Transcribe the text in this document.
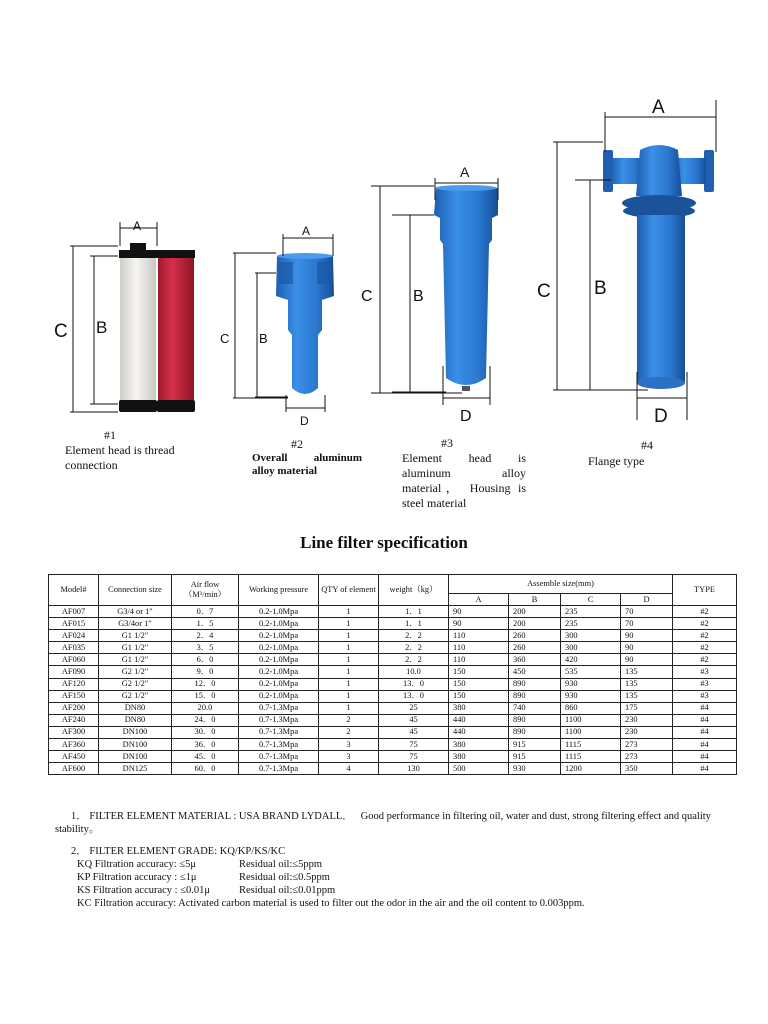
A
C B
A
C B
D
A
C	B
D
A
C B
D
#1
Element head is thread connection
#2
Overall aluminum alloy material
#3
Element head is aluminum alloy material， Housing is steel material
#4
Flange type
Line filter specification
Model#	Connection size	Air flow（M³/min）	Working pressure	QTY of element	weight（kg）	Assemble size(mm)				TYPE
						A	B	C	D	
AF007	G3/4 or 1″	0．7	0.2-1.0Mpa	1	1．1	90	200	235	70	#2
AF015	G3/4or 1″	1．5	0.2-1.0Mpa	1	1．1	90	200	235	70	#2
AF024	G1 1/2″	2．4	0.2-1.0Mpa	1	2．2	110	260	300	90	#2
AF035	G1 1/2″	3．5	0.2-1.0Mpa	1	2．2	110	260	300	90	#2
AF060	G1 1/2″	6．0	0.2-1.0Mpa	1	2．2	110	360	420	90	#2
AF090	G2 1/2″	9．0	0.2-1.0Mpa	1	10.0	150	450	535	135	#3
AF120	G2 1/2″	12．0	0.2-1.0Mpa	1	13．0	150	890	930	135	#3
AF150	G2 1/2″	15．0	0.2-1.0Mpa	1	13．0	150	890	930	135	#3
AF200	DN80	20.0	0.7-1.3Mpa	1	25	380	740	860	175	#4
AF240	DN80	24．0	0.7-1.3Mpa	2	45	440	890	1100	230	#4
AF300	DN100	30．0	0.7-1.3Mpa	2	45	440	890	1100	230	#4
AF360	DN100	36．0	0.7-1.3Mpa	3	75	380	915	1115	273	#4
AF450	DN100	45．0	0.7-1.3Mpa	3	75	380	915	1115	273	#4
AF600	DN125	60．0	0.7-1.3Mpa	4	130	500	930	1200	350	#4

1． FILTER ELEMENT MATERIAL : USA BRAND LYDALL．   Good performance in filtering oil, water and dust, strong filtering effect and quality stability。

2． FILTER ELEMENT GRADE: KQ/KP/KS/KC

KQ Filtration accuracy: ≤5μ	Residual oil:≤5ppm
KP Filtration accuracy : ≤1μ	Residual oil:≤0.5ppm
KS Filtration accuracy : ≤0.01μ	Residual oil:≤0.01ppm

KC Filtration accuracy: Activated carbon material is used to filter out the odor in the air and the oil content to 0.003ppm.
